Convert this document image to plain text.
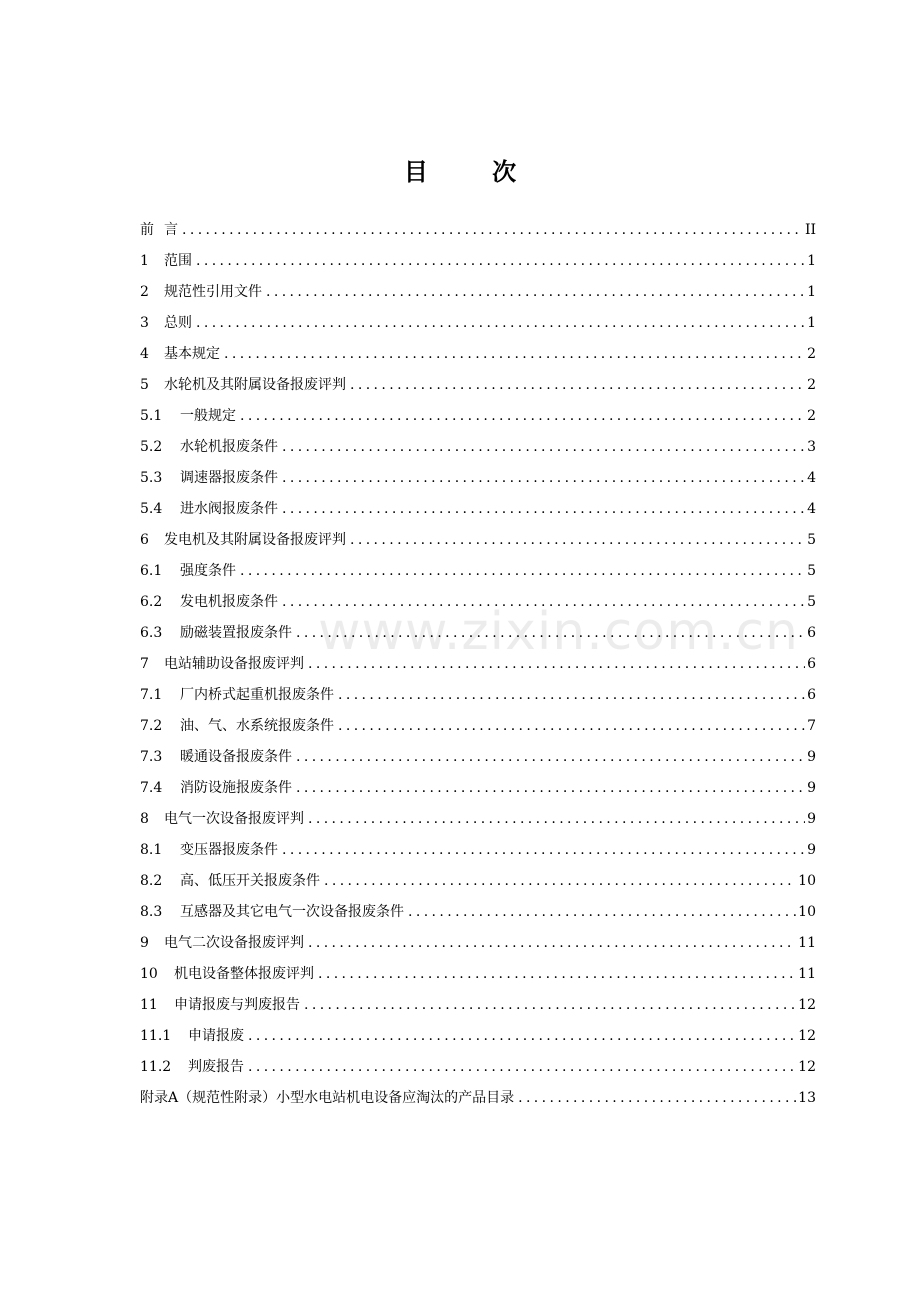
目 次
前 言 .....	II
1	范围 .....	1
2	规范性引用文件 .....	1
3	总则 .....	1
4	基本规定 .....	2
5	水轮机及其附属设备报废评判 .....	2
5.1	一般规定 .....	2
5.2	水轮机报废条件 .....	3
5.3	调速器报废条件 .....	4
5.4	进水阀报废条件 .....	4
6	发电机及其附属设备报废评判 .....	5
6.1	强度条件 .....	5
6.2	发电机报废条件 .....	5
6.3	励磁装置报废条件 .....	6
7	电站辅助设备报废评判 .....	6
7.1	厂内桥式起重机报废条件 .....	6
7.2	油、气、水系统报废条件 .....	7
7.3	暖通设备报废条件 .....	9
7.4	消防设施报废条件 .....	9
8	电气一次设备报废评判 .....	9
8.1	变压器报废条件 .....	9
8.2	高、低压开关报废条件 .....	10
8.3	互感器及其它电气一次设备报废条件 .....	10
9	电气二次设备报废评判 .....	11
10	机电设备整体报废评判 .....	11
11	申请报废与判废报告 .....	12
11.1	申请报废 .....	12
11.2	判废报告 .....	12
附录A（规范性附录）小型水电站机电设备应淘汰的产品目录 .....	13
www.zixin.com.cn
